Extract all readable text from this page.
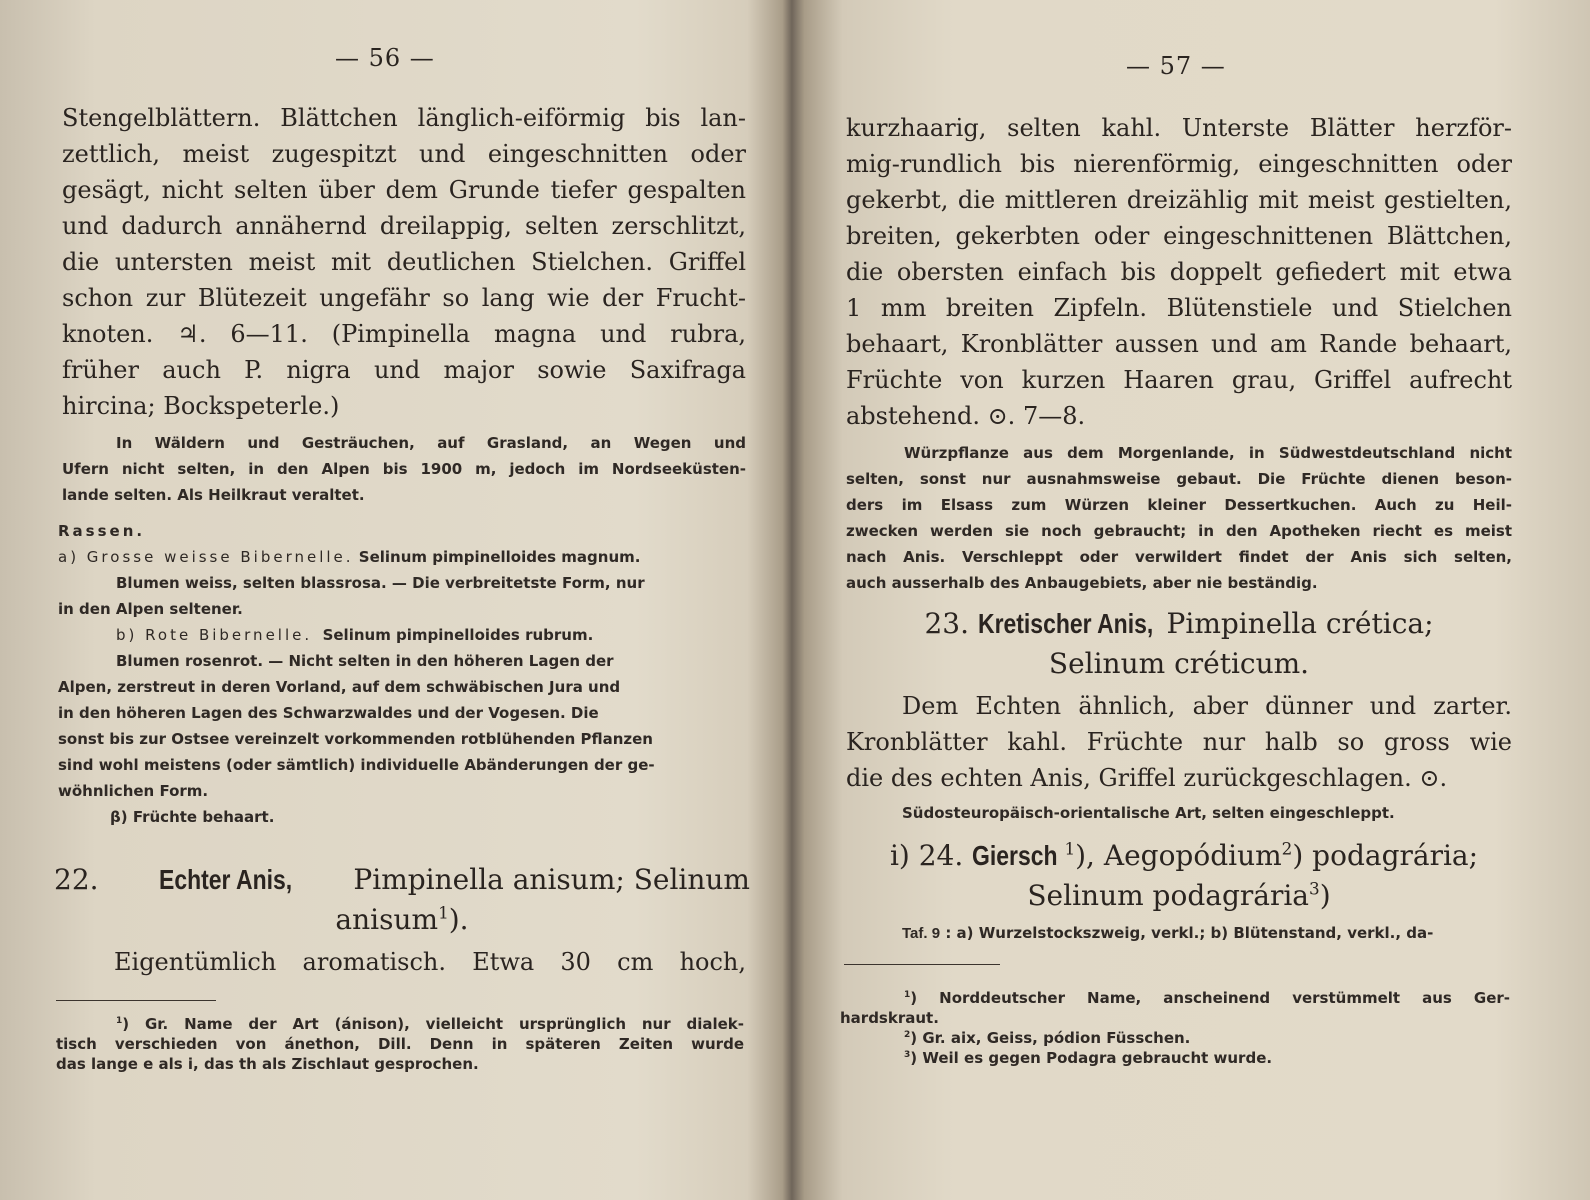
— 56 —
Stengelblättern. Blättchen länglich-eiförmig bis lan-
zettlich, meist zugespitzt und eingeschnitten oder
gesägt, nicht selten über dem Grunde tiefer gespalten
und dadurch annähernd dreilappig, selten zerschlitzt,
die untersten meist mit deutlichen Stielchen. Griffel
schon zur Blütezeit ungefähr so lang wie der Frucht-
knoten. ♃. 6—11. (Pimpinella magna und rubra,
früher auch P. nigra und major sowie Saxifraga
hircina; Bockspeterle.)
In Wäldern und Gesträuchen, auf Grasland, an Wegen und
Ufern nicht selten, in den Alpen bis 1900 m, jedoch im Nordseeküsten-
lande selten. Als Heilkraut veraltet.
Rassen.
a) Grosse weisse Bibernelle. Selinum pimpinelloides magnum.
Blumen weiss, selten blassrosa. — Die verbreitetste Form, nur
in den Alpen seltener.
b) Rote Bibernelle. Selinum pimpinelloides rubrum.
Blumen rosenrot. — Nicht selten in den höheren Lagen der
Alpen, zerstreut in deren Vorland, auf dem schwäbischen Jura und
in den höheren Lagen des Schwarzwaldes und der Vogesen. Die
sonst bis zur Ostsee vereinzelt vorkommenden rotblühenden Pflanzen
sind wohl meistens (oder sämtlich) individuelle Abänderungen der ge-
wöhnlichen Form.
β) Früchte behaart.
22. Echter Anis, Pimpinella anisum; Selinum
anisum$^1$).
Eigentümlich aromatisch. Etwa 30 cm hoch,
$^1$) Gr. Name der Art (ánison), vielleicht ursprünglich nur dialek-
tisch verschieden von ánethon, Dill. Denn in späteren Zeiten wurde
das lange e als i, das th als Zischlaut gesprochen.
— 57 —
kurzhaarig, selten kahl. Unterste Blätter herzför-
mig-rundlich bis nierenförmig, eingeschnitten oder
gekerbt, die mittleren dreizählig mit meist gestielten,
breiten, gekerbten oder eingeschnittenen Blättchen,
die obersten einfach bis doppelt gefiedert mit etwa
1 mm breiten Zipfeln. Blütenstiele und Stielchen
behaart, Kronblätter aussen und am Rande behaart,
Früchte von kurzen Haaren grau, Griffel aufrecht
abstehend. ⊙. 7—8.
Würzpflanze aus dem Morgenlande, in Südwestdeutschland nicht
selten, sonst nur ausnahmsweise gebaut. Die Früchte dienen beson-
ders im Elsass zum Würzen kleiner Dessertkuchen. Auch zu Heil-
zwecken werden sie noch gebraucht; in den Apotheken riecht es meist
nach Anis. Verschleppt oder verwildert findet der Anis sich selten,
auch ausserhalb des Anbaugebiets, aber nie beständig.
23. Kretischer Anis, Pimpinella crética;
Selinum créticum.
Dem Echten ähnlich, aber dünner und zarter.
Kronblätter kahl. Früchte nur halb so gross wie
die des echten Anis, Griffel zurückgeschlagen. ⊙.
Südosteuropäisch-orientalische Art, selten eingeschleppt.
i) 24. Giersch $^1$), Aegopódium$^2$) podagrária;
Selinum podagrária$^3$)
Taf. 9 : a) Wurzelstockszweig, verkl.; b) Blütenstand, verkl., da-
$^1$) Norddeutscher Name, anscheinend verstümmelt aus Ger-
hardskraut.
$^2$) Gr. aix, Geiss, pódion Füsschen.
$^3$) Weil es gegen Podagra gebraucht wurde.
